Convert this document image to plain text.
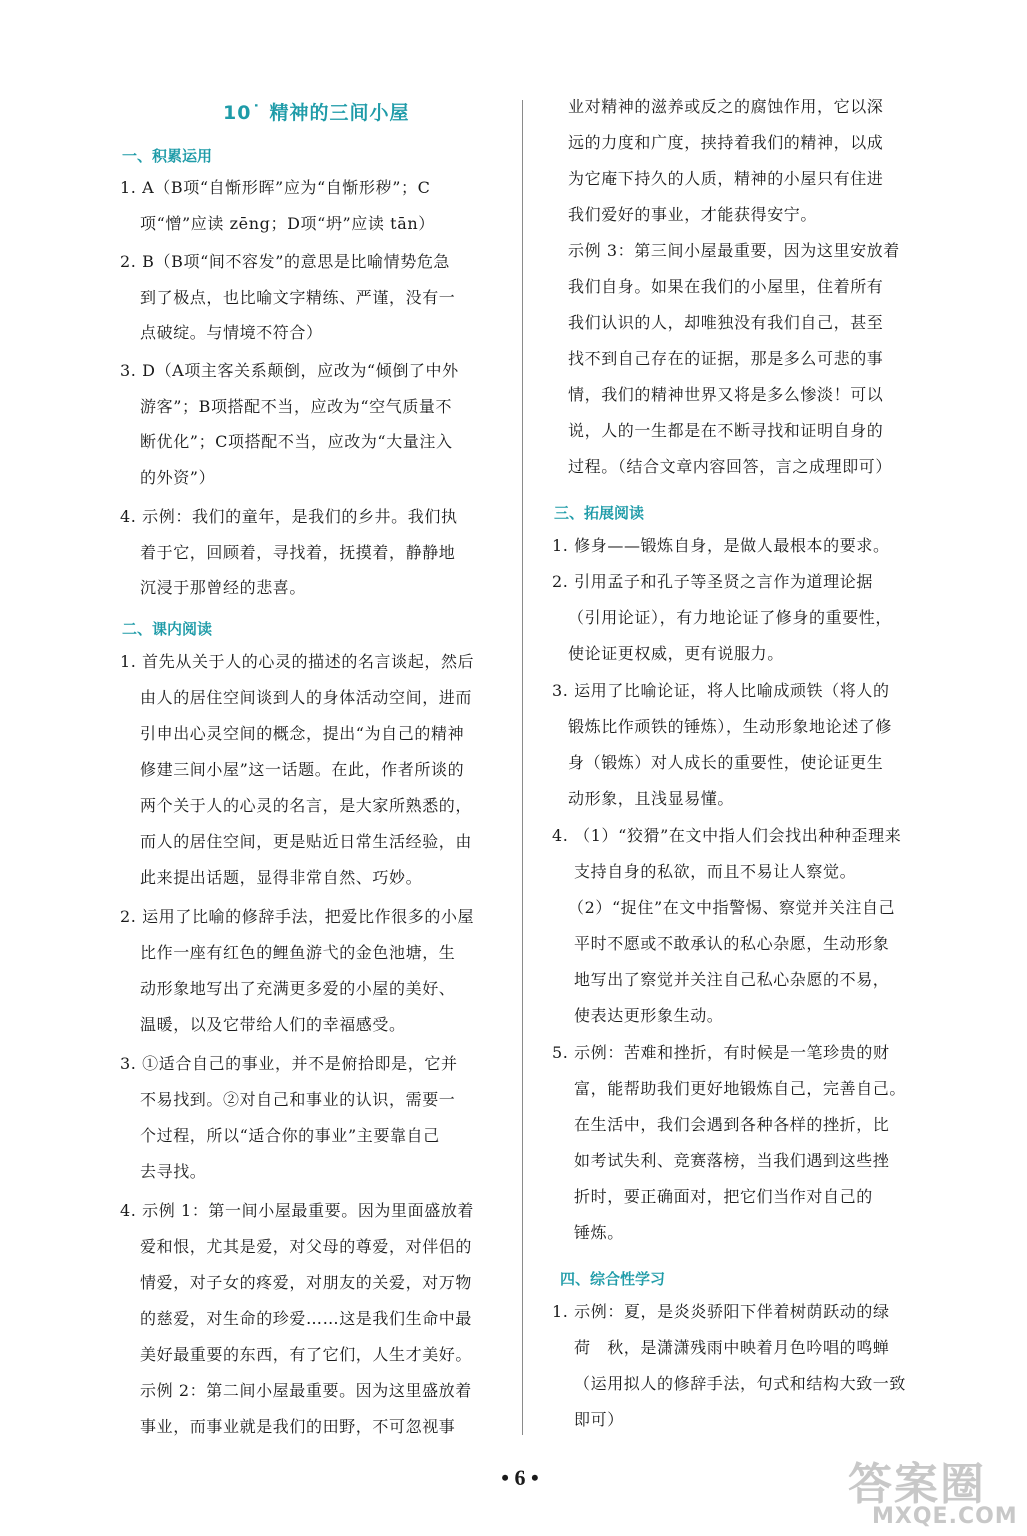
10˙ 精神的三间小屋
一、积累运用
1. A（B项“自惭形晖”应为“自惭形秽”；C
项“憎”应读 zēng；D项“坍”应读 tān）
2. B（B项“间不容发”的意思是比喻情势危急
到了极点，也比喻文字精练、严谨，没有一
点破绽。与情境不符合）
3. D（A项主客关系颠倒，应改为“倾倒了中外
游客”；B项搭配不当，应改为“空气质量不
断优化”；C项搭配不当，应改为“大量注入
的外资”）
4. 示例：我们的童年，是我们的乡井。我们执
着于它，回顾着，寻找着，抚摸着，静静地
沉浸于那曾经的悲喜。
二、课内阅读
1. 首先从关于人的心灵的描述的名言谈起，然后
由人的居住空间谈到人的身体活动空间，进而
引申出心灵空间的概念，提出“为自己的精神
修建三间小屋”这一话题。在此，作者所谈的
两个关于人的心灵的名言，是大家所熟悉的，
而人的居住空间，更是贴近日常生活经验，由
此来提出话题，显得非常自然、巧妙。
2. 运用了比喻的修辞手法，把爱比作很多的小屋
比作一座有红色的鲤鱼游弋的金色池塘，生
动形象地写出了充满更多爱的小屋的美好、
温暖，以及它带给人们的幸福感受。
3. ①适合自己的事业，并不是俯拾即是，它并
不易找到。②对自己和事业的认识，需要一
个过程，所以“适合你的事业”主要靠自己
去寻找。
4. 示例 1：第一间小屋最重要。因为里面盛放着
爱和恨，尤其是爱，对父母的尊爱，对伴侣的
情爱，对子女的疼爱，对朋友的关爱，对万物
的慈爱，对生命的珍爱……这是我们生命中最
美好最重要的东西，有了它们，人生才美好。
示例 2：第二间小屋最重要。因为这里盛放着
事业，而事业就是我们的田野，不可忽视事
业对精神的滋养或反之的腐蚀作用，它以深
远的力度和广度，挟持着我们的精神，以成
为它庵下持久的人质，精神的小屋只有住进
我们爱好的事业，才能获得安宁。
示例 3：第三间小屋最重要，因为这里安放着
我们自身。如果在我们的小屋里，住着所有
我们认识的人，却唯独没有我们自己，甚至
找不到自己存在的证据，那是多么可悲的事
情，我们的精神世界又将是多么惨淡！可以
说，人的一生都是在不断寻找和证明自身的
过程。（结合文章内容回答，言之成理即可）
三、拓展阅读
1. 修身——锻炼自身，是做人最根本的要求。
2. 引用孟子和孔子等圣贤之言作为道理论据
（引用论证），有力地论证了修身的重要性，
使论证更权威，更有说服力。
3. 运用了比喻论证，将人比喻成顽铁（将人的
锻炼比作顽铁的锤炼），生动形象地论述了修
身（锻炼）对人成长的重要性，使论证更生
动形象，且浅显易懂。
4. （1）“狡猾”在文中指人们会找出种种歪理来
支持自身的私欲，而且不易让人察觉。
（2）“捉住”在文中指警惕、察觉并关注自己
平时不愿或不敢承认的私心杂愿，生动形象
地写出了察觉并关注自己私心杂愿的不易，
使表达更形象生动。
5. 示例：苦难和挫折，有时候是一笔珍贵的财
富，能帮助我们更好地锻炼自己，完善自己。
在生活中，我们会遇到各种各样的挫折，比
如考试失利、竞赛落榜，当我们遇到这些挫
折时，要正确面对，把它们当作对自己的
锤炼。
四、综合性学习
1. 示例：夏，是炎炎骄阳下伴着树荫跃动的绿
荷　秋，是潇潇残雨中映着月色吟唱的鸣蝉
（运用拟人的修辞手法，句式和结构大致一致
即可）
• 6 •	答案圈
MXQE.COM
